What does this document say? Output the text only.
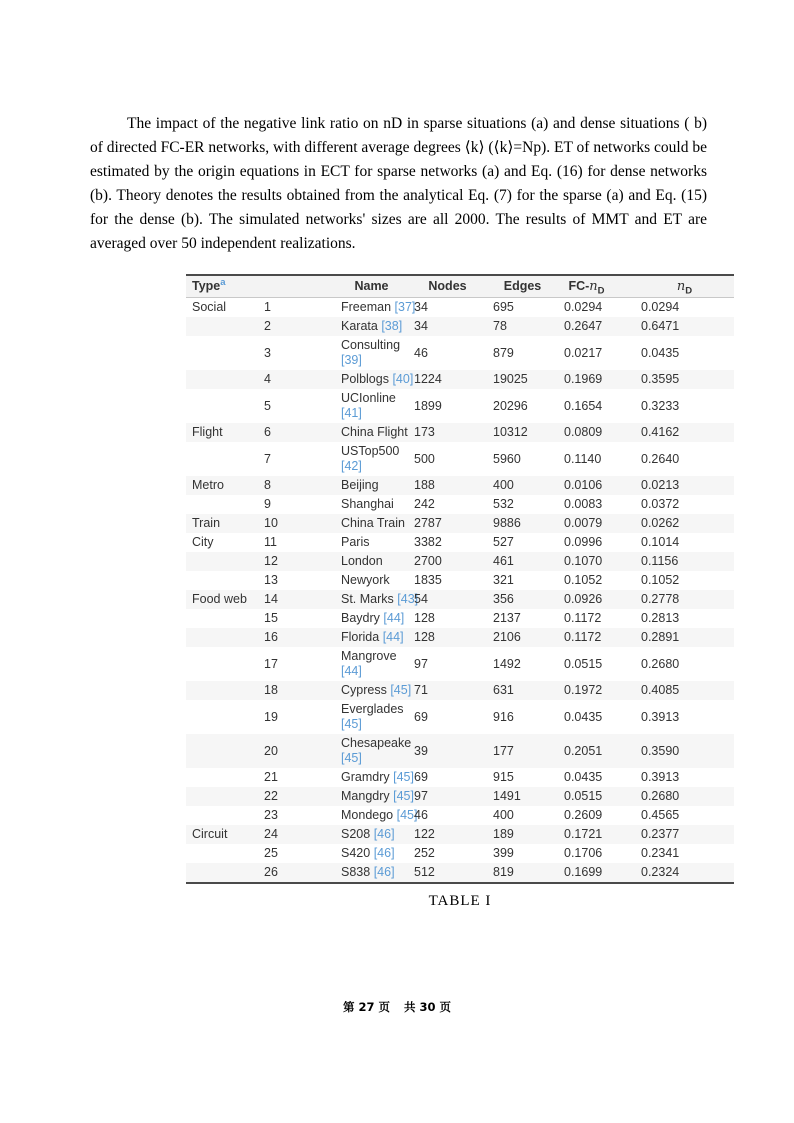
The impact of the negative link ratio on nD in sparse situations (a) and dense situations ( b) of directed FC-ER networks, with different average degrees ⟨k⟩ (⟨k⟩=Np). ET of networks could be estimated by the origin equations in ECT for sparse networks (a) and Eq. (16) for dense networks (b). Theory denotes the results obtained from the analytical Eq. (7) for the sparse (a) and Eq. (15) for the dense (b). The simulated networks' sizes are all 2000. The results of MMT and ET are averaged over 50 independent realizations.

Type$^a$		Name	Nodes	Edges	$FC-n_D$	$n_D$
Social	1	Freeman [37]	34	695	0.0294	0.0294
	2	Karata [38]	34	78	0.2647	0.6471
	3	Consulting
[39]	46	879	0.0217	0.0435
	4	Polblogs [40]	1224	19025	0.1969	0.3595
	5	UCIonline
[41]	1899	20296	0.1654	0.3233
Flight	6	China Flight	173	10312	0.0809	0.4162
	7	USTop500
[42]	500	5960	0.1140	0.2640
Metro	8	Beijing	188	400	0.0106	0.0213
	9	Shanghai	242	532	0.0083	0.0372
Train	10	China Train	2787	9886	0.0079	0.0262
City	11	Paris	3382	527	0.0996	0.1014
	12	London	2700	461	0.1070	0.1156
	13	Newyork	1835	321	0.1052	0.1052
Food web	14	St. Marks [43]	54	356	0.0926	0.2778
	15	Baydry [44]	128	2137	0.1172	0.2813
	16	Florida [44]	128	2106	0.1172	0.2891
	17	Mangrove
[44]	97	1492	0.0515	0.2680
	18	Cypress [45]	71	631	0.1972	0.4085
	19	Everglades
[45]	69	916	0.0435	0.3913
	20	Chesapeake
[45]	39	177	0.2051	0.3590
	21	Gramdry [45]	69	915	0.0435	0.3913
	22	Mangdry [45]	97	1491	0.0515	0.2680
	23	Mondego [45]	46	400	0.2609	0.4565
Circuit	24	S208 [46]	122	189	0.1721	0.2377
	25	S420 [46]	252	399	0.1706	0.2341
	26	S838 [46]	512	819	0.1699	0.2324
TABLE I
第 27 页 共 30 页
